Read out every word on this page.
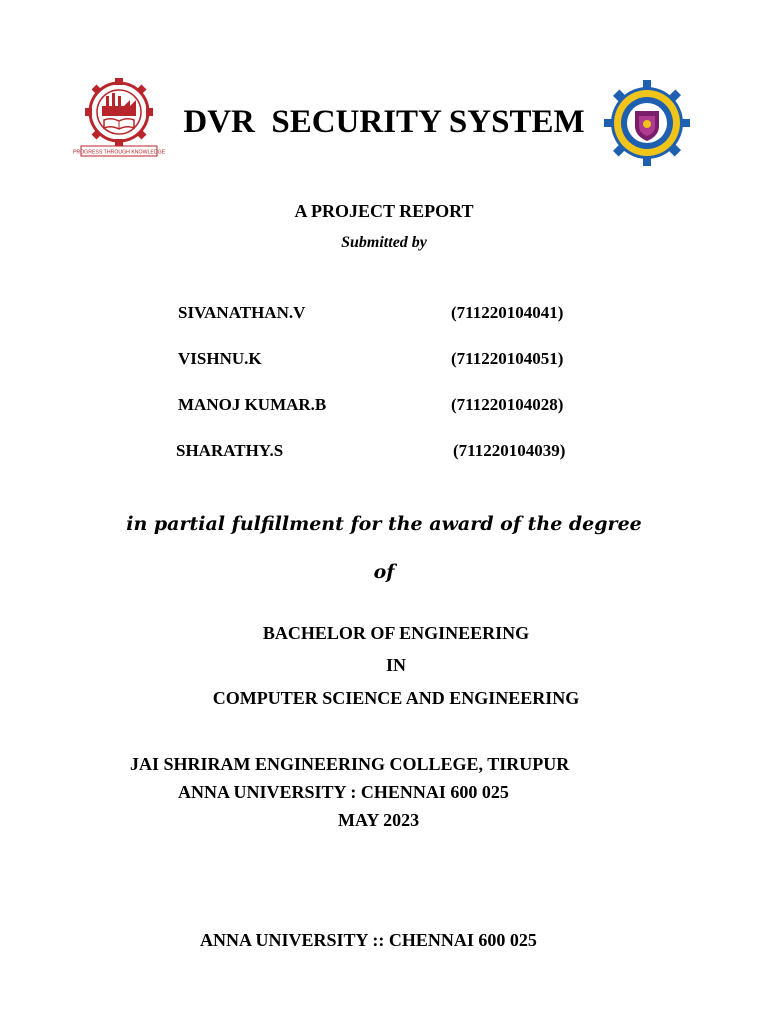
PROGRESS THROUGH KNOWLEDGE
DVR  SECURITY SYSTEM
A PROJECT REPORT
Submitted by
SIVANATHAN.V	(711220104041)
VISHNU.K	(711220104051)
MANOJ KUMAR.B	(711220104028)
SHARATHY.S	(711220104039)
in partial fulfillment for the award of the degree
of
BACHELOR OF ENGINEERING
IN
COMPUTER SCIENCE AND ENGINEERING
JAI SHRIRAM ENGINEERING COLLEGE, TIRUPUR
ANNA UNIVERSITY : CHENNAI 600 025
MAY 2023
ANNA UNIVERSITY :: CHENNAI 600 025
